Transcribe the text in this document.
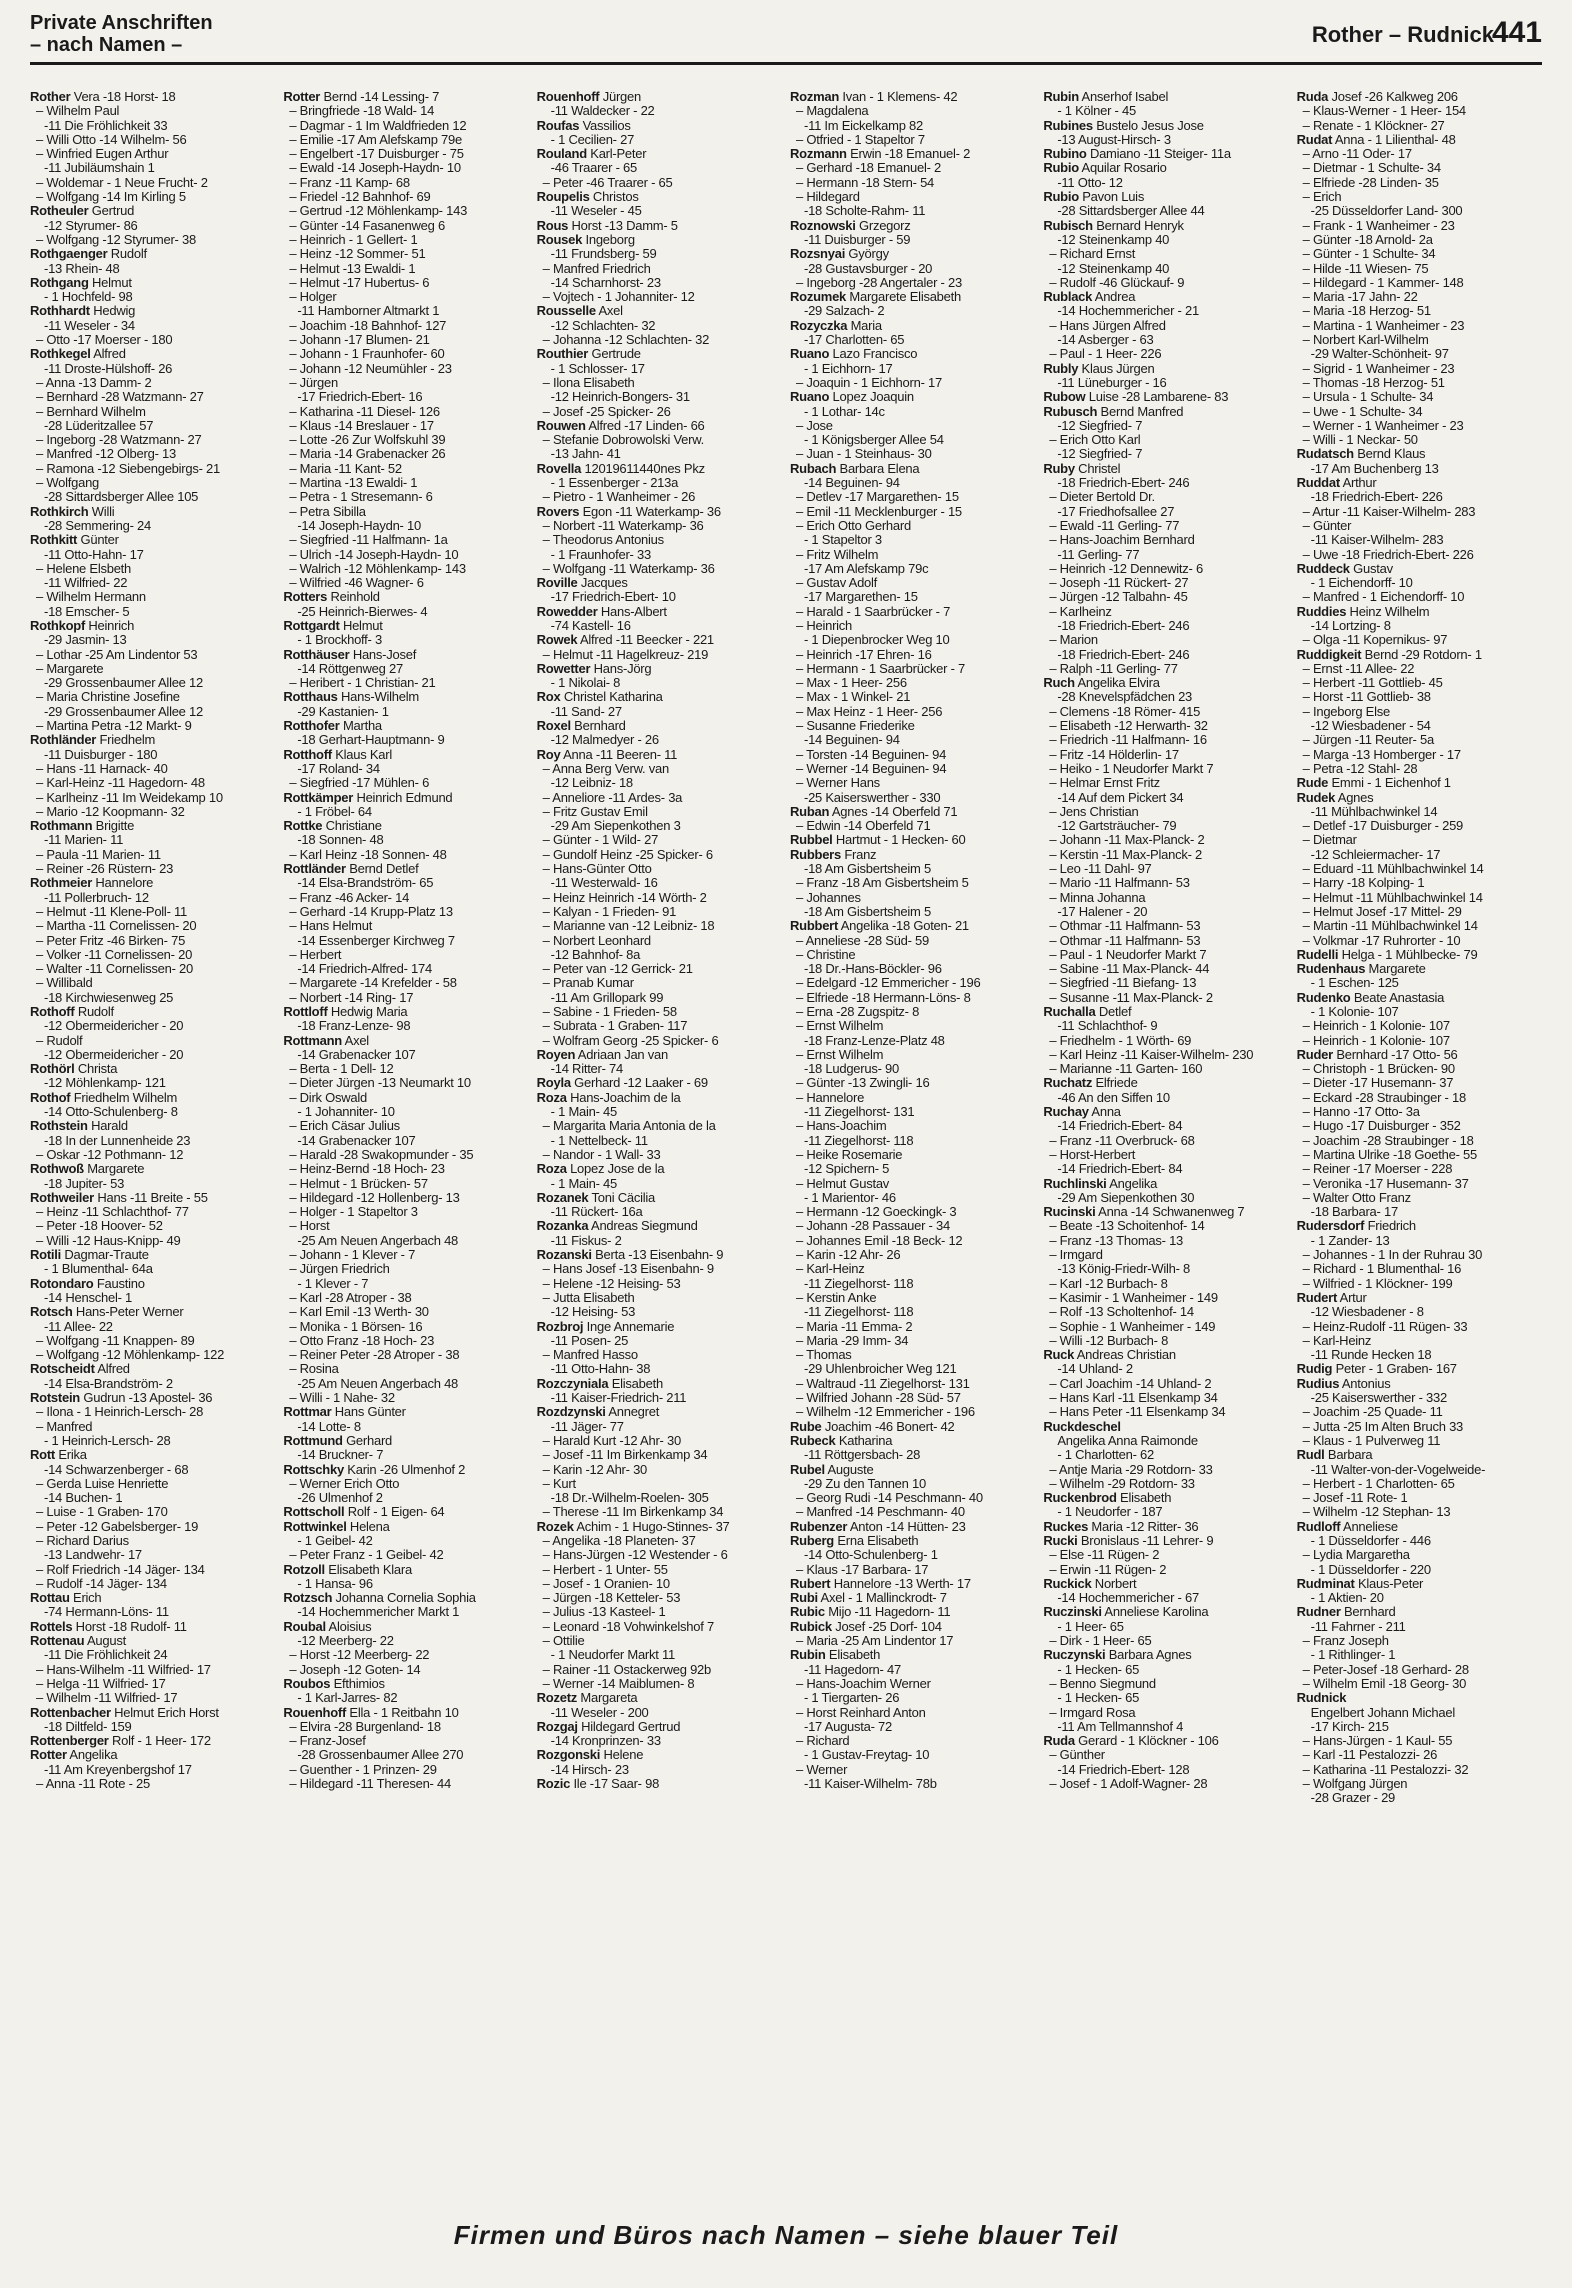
Private Anschriften
– nach Namen –	Rother – Rudnick
441
Rother Vera -18 Horst- 18
– Wilhelm Paul
-11 Die Fröhlichkeit 33
– Willi Otto -14 Wilhelm- 56
– Winfried Eugen Arthur
-11 Jubiläumshain 1
– Woldemar - 1 Neue Frucht- 2
– Wolfgang -14 Im Kirling 5
Rotheuler Gertrud
-12 Styrumer- 86
– Wolfgang -12 Styrumer- 38
Rothgaenger Rudolf
-13 Rhein- 48
Rothgang Helmut
- 1 Hochfeld- 98
Rothhardt Hedwig
-11 Weseler - 34
– Otto -17 Moerser - 180
Rothkegel Alfred
-11 Droste-Hülshoff- 26
– Anna -13 Damm- 2
– Bernhard -28 Watzmann- 27
– Bernhard Wilhelm
-28 Lüderitzallee 57
– Ingeborg -28 Watzmann- 27
– Manfred -12 Olberg- 13
– Ramona -12 Siebengebirgs- 21
– Wolfgang
-28 Sittardsberger Allee 105
Rothkirch Willi
-28 Semmering- 24
Rothkitt Günter
-11 Otto-Hahn- 17
– Helene Elsbeth
-11 Wilfried- 22
– Wilhelm Hermann
-18 Emscher- 5
Rothkopf Heinrich
-29 Jasmin- 13
– Lothar -25 Am Lindentor 53
– Margarete
-29 Grossenbaumer Allee 12
– Maria Christine Josefine
-29 Grossenbaumer Allee 12
– Martina Petra -12 Markt- 9
Rothländer Friedhelm
-11 Duisburger - 180
– Hans -11 Harnack- 40
– Karl-Heinz -11 Hagedorn- 48
– Karlheinz -11 Im Weidekamp 10
– Mario -12 Koopmann- 32
Rothmann Brigitte
-11 Marien- 11
– Paula -11 Marien- 11
– Reiner -26 Rüstern- 23
Rothmeier Hannelore
-11 Pollerbruch- 12
– Helmut -11 Klene-Poll- 11
– Martha -11 Cornelissen- 20
– Peter Fritz -46 Birken- 75
– Volker -11 Cornelissen- 20
– Walter -11 Cornelissen- 20
– Willibald
-18 Kirchwiesenweg 25
Rothoff Rudolf
-12 Obermeidericher - 20
– Rudolf
-12 Obermeidericher - 20
Rothörl Christa
-12 Möhlenkamp- 121
Rothof Friedhelm Wilhelm
-14 Otto-Schulenberg- 8
Rothstein Harald
-18 In der Lunnenheide 23
– Oskar -12 Pothmann- 12
Rothwoß Margarete
-18 Jupiter- 53
Rothweiler Hans -11 Breite - 55
– Heinz -11 Schlachthof- 77
– Peter -18 Hoover- 52
– Willi -12 Haus-Knipp- 49
Rotili Dagmar-Traute
- 1 Blumenthal- 64a
Rotondaro Faustino
-14 Henschel- 1
Rotsch Hans-Peter Werner
-11 Allee- 22
– Wolfgang -11 Knappen- 89
– Wolfgang -12 Möhlenkamp- 122
Rotscheidt Alfred
-14 Elsa-Brandström- 2
Rotstein Gudrun -13 Apostel- 36
– Ilona - 1 Heinrich-Lersch- 28
– Manfred
- 1 Heinrich-Lersch- 28
Rott Erika
-14 Schwarzenberger - 68
– Gerda Luise Henriette
-14 Buchen- 1
– Luise - 1 Graben- 170
– Peter -12 Gabelsberger- 19
– Richard Darius
-13 Landwehr- 17
– Rolf Friedrich -14 Jäger- 134
– Rudolf -14 Jäger- 134
Rottau Erich
-74 Hermann-Löns- 11
Rottels Horst -18 Rudolf- 11
Rottenau August
-11 Die Fröhlichkeit 24
– Hans-Wilhelm -11 Wilfried- 17
– Helga -11 Wilfried- 17
– Wilhelm -11 Wilfried- 17
Rottenbacher Helmut Erich Horst
-18 Diltfeld- 159
Rottenberger Rolf - 1 Heer- 172
Rotter Angelika
-11 Am Kreyenbergshof 17
– Anna -11 Rote - 25
Rotter Bernd -14 Lessing- 7
– Bringfriede -18 Wald- 14
– Dagmar - 1 Im Waldfrieden 12
– Emilie -17 Am Alefskamp 79e
– Engelbert -17 Duisburger - 75
– Ewald -14 Joseph-Haydn- 10
– Franz -11 Kamp- 68
– Friedel -12 Bahnhof- 69
– Gertrud -12 Möhlenkamp- 143
– Günter -14 Fasanenweg 6
– Heinrich - 1 Gellert- 1
– Heinz -12 Sommer- 51
– Helmut -13 Ewaldi- 1
– Helmut -17 Hubertus- 6
– Holger
-11 Hamborner Altmarkt 1
– Joachim -18 Bahnhof- 127
– Johann -17 Blumen- 21
– Johann - 1 Fraunhofer- 60
– Johann -12 Neumühler - 23
– Jürgen
-17 Friedrich-Ebert- 16
– Katharina -11 Diesel- 126
– Klaus -14 Breslauer - 17
– Lotte -26 Zur Wolfskuhl 39
– Maria -14 Grabenacker 26
– Maria -11 Kant- 52
– Martina -13 Ewaldi- 1
– Petra - 1 Stresemann- 6
– Petra Sibilla
-14 Joseph-Haydn- 10
– Siegfried -11 Halfmann- 1a
– Ulrich -14 Joseph-Haydn- 10
– Walrich -12 Möhlenkamp- 143
– Wilfried -46 Wagner- 6
Rotters Reinhold
-25 Heinrich-Bierwes- 4
Rottgardt Helmut
- 1 Brockhoff- 3
Rotthäuser Hans-Josef
-14 Röttgenweg 27
– Heribert - 1 Christian- 21
Rotthaus Hans-Wilhelm
-29 Kastanien- 1
Rotthofer Martha
-18 Gerhart-Hauptmann- 9
Rotthoff Klaus Karl
-17 Roland- 34
– Siegfried -17 Mühlen- 6
Rottkämper Heinrich Edmund
- 1 Fröbel- 64
Rottke Christiane
-18 Sonnen- 48
– Karl Heinz -18 Sonnen- 48
Rottländer Bernd Detlef
-14 Elsa-Brandström- 65
– Franz -46 Acker- 14
– Gerhard -14 Krupp-Platz 13
– Hans Helmut
-14 Essenberger Kirchweg 7
– Herbert
-14 Friedrich-Alfred- 174
– Margarete -14 Krefelder - 58
– Norbert -14 Ring- 17
Rottloff Hedwig Maria
-18 Franz-Lenze- 98
Rottmann Axel
-14 Grabenacker 107
– Berta - 1 Dell- 12
– Dieter Jürgen -13 Neumarkt 10
– Dirk Oswald
- 1 Johanniter- 10
– Erich Cäsar Julius
-14 Grabenacker 107
– Harald -28 Swakopmunder - 35
– Heinz-Bernd -18 Hoch- 23
– Helmut - 1 Brücken- 57
– Hildegard -12 Hollenberg- 13
– Holger - 1 Stapeltor 3
– Horst
-25 Am Neuen Angerbach 48
– Johann - 1 Klever - 7
– Jürgen Friedrich
- 1 Klever - 7
– Karl -28 Atroper - 38
– Karl Emil -13 Werth- 30
– Monika - 1 Börsen- 16
– Otto Franz -18 Hoch- 23
– Reiner Peter -28 Atroper - 38
– Rosina
-25 Am Neuen Angerbach 48
– Willi - 1 Nahe- 32
Rottmar Hans Günter
-14 Lotte- 8
Rottmund Gerhard
-14 Bruckner- 7
Rottschky Karin -26 Ulmenhof 2
– Werner Erich Otto
-26 Ulmenhof 2
Rottscholl Rolf - 1 Eigen- 64
Rottwinkel Helena
- 1 Geibel- 42
– Peter Franz - 1 Geibel- 42
Rotzoll Elisabeth Klara
- 1 Hansa- 96
Rotzsch Johanna Cornelia Sophia
-14 Hochemmericher Markt 1
Roubal Aloisius
-12 Meerberg- 22
– Horst -12 Meerberg- 22
– Joseph -12 Goten- 14
Roubos Efthimios
- 1 Karl-Jarres- 82
Rouenhoff Ella - 1 Reitbahn 10
– Elvira -28 Burgenland- 18
– Franz-Josef
-28 Grossenbaumer Allee 270
– Guenther - 1 Prinzen- 29
– Hildegard -11 Theresen- 44
Rouenhoff Jürgen
-11 Waldecker - 22
Roufas Vassilios
- 1 Cecilien- 27
Rouland Karl-Peter
-46 Traarer - 65
– Peter -46 Traarer - 65
Roupelis Christos
-11 Weseler - 45
Rous Horst -13 Damm- 5
Rousek Ingeborg
-11 Frundsberg- 59
– Manfred Friedrich
-14 Scharnhorst- 23
– Vojtech - 1 Johanniter- 12
Rousselle Axel
-12 Schlachten- 32
– Johanna -12 Schlachten- 32
Routhier Gertrude
- 1 Schlosser- 17
– Ilona Elisabeth
-12 Heinrich-Bongers- 31
– Josef -25 Spicker- 26
Rouwen Alfred -17 Linden- 66
– Stefanie Dobrowolski Verw.
-13 Jahn- 41
Rovella 12019611440nes Pkz
- 1 Essenberger - 213a
– Pietro - 1 Wanheimer - 26
Rovers Egon -11 Waterkamp- 36
– Norbert -11 Waterkamp- 36
– Theodorus Antonius
- 1 Fraunhofer- 33
– Wolfgang -11 Waterkamp- 36
Roville Jacques
-17 Friedrich-Ebert- 10
Rowedder Hans-Albert
-74 Kastell- 16
Rowek Alfred -11 Beecker - 221
– Helmut -11 Hagelkreuz- 219
Rowetter Hans-Jörg
- 1 Nikolai- 8
Rox Christel Katharina
-11 Sand- 27
Roxel Bernhard
-12 Malmedyer - 26
Roy Anna -11 Beeren- 11
– Anna Berg Verw. van
-12 Leibniz- 18
– Anneliore -11 Ardes- 3a
– Fritz Gustav Emil
-29 Am Siepenkothen 3
– Günter - 1 Wild- 27
– Gundolf Heinz -25 Spicker- 6
– Hans-Günter Otto
-11 Westerwald- 16
– Heinz Heinrich -14 Wörth- 2
– Kalyan - 1 Frieden- 91
– Marianne van -12 Leibniz- 18
– Norbert Leonhard
-12 Bahnhof- 8a
– Peter van -12 Gerrick- 21
– Pranab Kumar
-11 Am Grillopark 99
– Sabine - 1 Frieden- 58
– Subrata - 1 Graben- 117
– Wolfram Georg -25 Spicker- 6
Royen Adriaan Jan van
-14 Ritter- 74
Royla Gerhard -12 Laaker - 69
Roza Hans-Joachim de la
- 1 Main- 45
– Margarita Maria Antonia de la
- 1 Nettelbeck- 11
– Nandor - 1 Wall- 33
Roza Lopez Jose de la
- 1 Main- 45
Rozanek Toni Cäcilia
-11 Rückert- 16a
Rozanka Andreas Siegmund
-11 Fiskus- 2
Rozanski Berta -13 Eisenbahn- 9
– Hans Josef -13 Eisenbahn- 9
– Helene -12 Heising- 53
– Jutta Elisabeth
-12 Heising- 53
Rozbroj Inge Annemarie
-11 Posen- 25
– Manfred Hasso
-11 Otto-Hahn- 38
Rozczyniala Elisabeth
-11 Kaiser-Friedrich- 211
Rozdzynski Annegret
-11 Jäger- 77
– Harald Kurt -12 Ahr- 30
– Josef -11 Im Birkenkamp 34
– Karin -12 Ahr- 30
– Kurt
-18 Dr.-Wilhelm-Roelen- 305
– Therese -11 Im Birkenkamp 34
Rozek Achim - 1 Hugo-Stinnes- 37
– Angelika -18 Planeten- 37
– Hans-Jürgen -12 Westender - 6
– Herbert - 1 Unter- 55
– Josef - 1 Oranien- 10
– Jürgen -18 Ketteler- 53
– Julius -13 Kasteel- 1
– Leonard -18 Vohwinkelshof 7
– Ottilie
- 1 Neudorfer Markt 11
– Rainer -11 Ostackerweg 92b
– Werner -14 Maiblumen- 8
Rozetz Margareta
-11 Weseler - 200
Rozgaj Hildegard Gertrud
-14 Kronprinzen- 33
Rozgonski Helene
-14 Hirsch- 23
Rozic Ile -17 Saar- 98
Rozman Ivan - 1 Klemens- 42
– Magdalena
-11 Im Eickelkamp 82
– Otfried - 1 Stapeltor 7
Rozmann Erwin -18 Emanuel- 2
– Gerhard -18 Emanuel- 2
– Hermann -18 Stern- 54
– Hildegard
-18 Scholte-Rahm- 11
Roznowski Grzegorz
-11 Duisburger - 59
Rozsnyai György
-28 Gustavsburger - 20
– Ingeborg -28 Angertaler - 23
Rozumek Margarete Elisabeth
-29 Salzach- 2
Rozyczka Maria
-17 Charlotten- 65
Ruano Lazo Francisco
- 1 Eichhorn- 17
– Joaquin - 1 Eichhorn- 17
Ruano Lopez Joaquin
- 1 Lothar- 14c
– Jose
- 1 Königsberger Allee 54
– Juan - 1 Steinhaus- 30
Rubach Barbara Elena
-14 Beguinen- 94
– Detlev -17 Margarethen- 15
– Emil -11 Mecklenburger - 15
– Erich Otto Gerhard
- 1 Stapeltor 3
– Fritz Wilhelm
-17 Am Alefskamp 79c
– Gustav Adolf
-17 Margarethen- 15
– Harald - 1 Saarbrücker - 7
– Heinrich
- 1 Diepenbrocker Weg 10
– Heinrich -17 Ehren- 16
– Hermann - 1 Saarbrücker - 7
– Max - 1 Heer- 256
– Max - 1 Winkel- 21
– Max Heinz - 1 Heer- 256
– Susanne Friederike
-14 Beguinen- 94
– Torsten -14 Beguinen- 94
– Werner -14 Beguinen- 94
– Werner Hans
-25 Kaiserswerther - 330
Ruban Agnes -14 Oberfeld 71
– Edwin -14 Oberfeld 71
Rubbel Hartmut - 1 Hecken- 60
Rubbers Franz
-18 Am Gisbertsheim 5
– Franz -18 Am Gisbertsheim 5
– Johannes
-18 Am Gisbertsheim 5
Rubbert Angelika -18 Goten- 21
– Anneliese -28 Süd- 59
– Christine
-18 Dr.-Hans-Böckler- 96
– Edelgard -12 Emmericher - 196
– Elfriede -18 Hermann-Löns- 8
– Erna -28 Zugspitz- 8
– Ernst Wilhelm
-18 Franz-Lenze-Platz 48
– Ernst Wilhelm
-18 Ludgerus- 90
– Günter -13 Zwingli- 16
– Hannelore
-11 Ziegelhorst- 131
– Hans-Joachim
-11 Ziegelhorst- 118
– Heike Rosemarie
-12 Spichern- 5
– Helmut Gustav
- 1 Marientor- 46
– Hermann -12 Goeckingk- 3
– Johann -28 Passauer - 34
– Johannes Emil -18 Beck- 12
– Karin -12 Ahr- 26
– Karl-Heinz
-11 Ziegelhorst- 118
– Kerstin Anke
-11 Ziegelhorst- 118
– Maria -11 Emma- 2
– Maria -29 Imm- 34
– Thomas
-29 Uhlenbroicher Weg 121
– Waltraud -11 Ziegelhorst- 131
– Wilfried Johann -28 Süd- 57
– Wilhelm -12 Emmericher - 196
Rube Joachim -46 Bonert- 42
Rubeck Katharina
-11 Röttgersbach- 28
Rubel Auguste
-29 Zu den Tannen 10
– Georg Rudi -14 Peschmann- 40
– Manfred -14 Peschmann- 40
Rubenzer Anton -14 Hütten- 23
Ruberg Erna Elisabeth
-14 Otto-Schulenberg- 1
– Klaus -17 Barbara- 17
Rubert Hannelore -13 Werth- 17
Rubi Axel - 1 Mallinckrodt- 7
Rubic Mijo -11 Hagedorn- 11
Rubick Josef -25 Dorf- 104
– Maria -25 Am Lindentor 17
Rubin Elisabeth
-11 Hagedorn- 47
– Hans-Joachim Werner
- 1 Tiergarten- 26
– Horst Reinhard Anton
-17 Augusta- 72
– Richard
- 1 Gustav-Freytag- 10
– Werner
-11 Kaiser-Wilhelm- 78b
Rubin Anserhof Isabel
- 1 Kölner - 45
Rubines Bustelo Jesus Jose
-13 August-Hirsch- 3
Rubino Damiano -11 Steiger- 11a
Rubio Aquilar Rosario
-11 Otto- 12
Rubio Pavon Luis
-28 Sittardsberger Allee 44
Rubisch Bernard Henryk
-12 Steinenkamp 40
– Richard Ernst
-12 Steinenkamp 40
– Rudolf -46 Glückauf- 9
Rublack Andrea
-14 Hochemmericher - 21
– Hans Jürgen Alfred
-14 Asberger - 63
– Paul - 1 Heer- 226
Rubly Klaus Jürgen
-11 Lüneburger - 16
Rubow Luise -28 Lambarene- 83
Rubusch Bernd Manfred
-12 Siegfried- 7
– Erich Otto Karl
-12 Siegfried- 7
Ruby Christel
-18 Friedrich-Ebert- 246
– Dieter Bertold Dr.
-17 Friedhofsallee 27
– Ewald -11 Gerling- 77
– Hans-Joachim Bernhard
-11 Gerling- 77
– Heinrich -12 Dennewitz- 6
– Joseph -11 Rückert- 27
– Jürgen -12 Talbahn- 45
– Karlheinz
-18 Friedrich-Ebert- 246
– Marion
-18 Friedrich-Ebert- 246
– Ralph -11 Gerling- 77
Ruch Angelika Elvira
-28 Knevelspfädchen 23
– Clemens -18 Römer- 415
– Elisabeth -12 Herwarth- 32
– Friedrich -11 Halfmann- 16
– Fritz -14 Hölderlin- 17
– Heiko - 1 Neudorfer Markt 7
– Helmar Ernst Fritz
-14 Auf dem Pickert 34
– Jens Christian
-12 Gartsträucher- 79
– Johann -11 Max-Planck- 2
– Kerstin -11 Max-Planck- 2
– Leo -11 Dahl- 97
– Mario -11 Halfmann- 53
– Minna Johanna
-17 Halener - 20
– Othmar -11 Halfmann- 53
– Othmar -11 Halfmann- 53
– Paul - 1 Neudorfer Markt 7
– Sabine -11 Max-Planck- 44
– Siegfried -11 Biefang- 13
– Susanne -11 Max-Planck- 2
Ruchalla Detlef
-11 Schlachthof- 9
– Friedhelm - 1 Wörth- 69
– Karl Heinz -11 Kaiser-Wilhelm- 230
– Marianne -11 Garten- 160
Ruchatz Elfriede
-46 An den Siffen 10
Ruchay Anna
-14 Friedrich-Ebert- 84
– Franz -11 Overbruck- 68
– Horst-Herbert
-14 Friedrich-Ebert- 84
Ruchlinski Angelika
-29 Am Siepenkothen 30
Rucinski Anna -14 Schwanenweg 7
– Beate -13 Schoitenhof- 14
– Franz -13 Thomas- 13
– Irmgard
-13 König-Friedr-Wilh- 8
– Karl -12 Burbach- 8
– Kasimir - 1 Wanheimer - 149
– Rolf -13 Scholtenhof- 14
– Sophie - 1 Wanheimer - 149
– Willi -12 Burbach- 8
Ruck Andreas Christian
-14 Uhland- 2
– Carl Joachim -14 Uhland- 2
– Hans Karl -11 Elsenkamp 34
– Hans Peter -11 Elsenkamp 34
Ruckdeschel
Angelika Anna Raimonde
- 1 Charlotten- 62
– Antje Maria -29 Rotdorn- 33
– Wilhelm -29 Rotdorn- 33
Ruckenbrod Elisabeth
- 1 Neudorfer - 187
Ruckes Maria -12 Ritter- 36
Rucki Bronislaus -11 Lehrer- 9
– Else -11 Rügen- 2
– Erwin -11 Rügen- 2
Ruckick Norbert
-14 Hochemmericher - 67
Ruczinski Anneliese Karolina
- 1 Heer- 65
– Dirk - 1 Heer- 65
Ruczynski Barbara Agnes
- 1 Hecken- 65
– Benno Siegmund
- 1 Hecken- 65
– Irmgard Rosa
-11 Am Tellmannshof 4
Ruda Gerard - 1 Klöckner - 106
– Günther
-14 Friedrich-Ebert- 128
– Josef - 1 Adolf-Wagner- 28
Ruda Josef -26 Kalkweg 206
– Klaus-Werner - 1 Heer- 154
– Renate - 1 Klöckner- 27
Rudat Anna - 1 Lilienthal- 48
– Arno -11 Oder- 17
– Dietmar - 1 Schulte- 34
– Elfriede -28 Linden- 35
– Erich
-25 Düsseldorfer Land- 300
– Frank - 1 Wanheimer - 23
– Günter -18 Arnold- 2a
– Günter - 1 Schulte- 34
– Hilde -11 Wiesen- 75
– Hildegard - 1 Kammer- 148
– Maria -17 Jahn- 22
– Maria -18 Herzog- 51
– Martina - 1 Wanheimer - 23
– Norbert Karl-Wilhelm
-29 Walter-Schönheit- 97
– Sigrid - 1 Wanheimer - 23
– Thomas -18 Herzog- 51
– Ursula - 1 Schulte- 34
– Uwe - 1 Schulte- 34
– Werner - 1 Wanheimer - 23
– Willi - 1 Neckar- 50
Rudatsch Bernd Klaus
-17 Am Buchenberg 13
Ruddat Arthur
-18 Friedrich-Ebert- 226
– Artur -11 Kaiser-Wilhelm- 283
– Günter
-11 Kaiser-Wilhelm- 283
– Uwe -18 Friedrich-Ebert- 226
Ruddeck Gustav
- 1 Eichendorff- 10
– Manfred - 1 Eichendorff- 10
Ruddies Heinz Wilhelm
-14 Lortzing- 8
– Olga -11 Kopernikus- 97
Ruddigkeit Bernd -29 Rotdorn- 1
– Ernst -11 Allee- 22
– Herbert -11 Gottlieb- 45
– Horst -11 Gottlieb- 38
– Ingeborg Else
-12 Wiesbadener - 54
– Jürgen -11 Reuter- 5a
– Marga -13 Homberger - 17
– Petra -12 Stahl- 28
Rude Emmi - 1 Eichenhof 1
Rudek Agnes
-11 Mühlbachwinkel 14
– Detlef -17 Duisburger - 259
– Dietmar
-12 Schleiermacher- 17
– Eduard -11 Mühlbachwinkel 14
– Harry -18 Kolping- 1
– Helmut -11 Mühlbachwinkel 14
– Helmut Josef -17 Mittel- 29
– Martin -11 Mühlbachwinkel 14
– Volkmar -17 Ruhrorter - 10
Rudelli Helga - 1 Mühlbecke- 79
Rudenhaus Margarete
- 1 Eschen- 125
Rudenko Beate Anastasia
- 1 Kolonie- 107
– Heinrich - 1 Kolonie- 107
– Heinrich - 1 Kolonie- 107
Ruder Bernhard -17 Otto- 56
– Christoph - 1 Brücken- 90
– Dieter -17 Husemann- 37
– Eckard -28 Straubinger - 18
– Hanno -17 Otto- 3a
– Hugo -17 Duisburger - 352
– Joachim -28 Straubinger - 18
– Martina Ulrike -18 Goethe- 55
– Reiner -17 Moerser - 228
– Veronika -17 Husemann- 37
– Walter Otto Franz
-18 Barbara- 17
Rudersdorf Friedrich
- 1 Zander- 13
– Johannes - 1 In der Ruhrau 30
– Richard - 1 Blumenthal- 16
– Wilfried - 1 Klöckner- 199
Rudert Artur
-12 Wiesbadener - 8
– Heinz-Rudolf -11 Rügen- 33
– Karl-Heinz
-11 Runde Hecken 18
Rudig Peter - 1 Graben- 167
Rudius Antonius
-25 Kaiserswerther - 332
– Joachim -25 Quade- 11
– Jutta -25 Im Alten Bruch 33
– Klaus - 1 Pulverweg 11
Rudl Barbara
-11 Walter-von-der-Vogelweide-
– Herbert - 1 Charlotten- 65
– Josef -11 Rote- 1
– Wilhelm -12 Stephan- 13
Rudloff Anneliese
- 1 Düsseldorfer - 446
– Lydia Margaretha
- 1 Düsseldorfer - 220
Rudminat Klaus-Peter
- 1 Aktien- 20
Rudner Bernhard
-11 Fahrner - 211
– Franz Joseph
- 1 Rithlinger- 1
– Peter-Josef -18 Gerhard- 28
– Wilhelm Emil -18 Georg- 30
Rudnick
Engelbert Johann Michael
-17 Kirch- 215
– Hans-Jürgen - 1 Kaul- 55
– Karl -11 Pestalozzi- 26
– Katharina -11 Pestalozzi- 32
– Wolfgang Jürgen
-28 Grazer - 29
Firmen und Büros nach Namen – siehe blauer Teil
